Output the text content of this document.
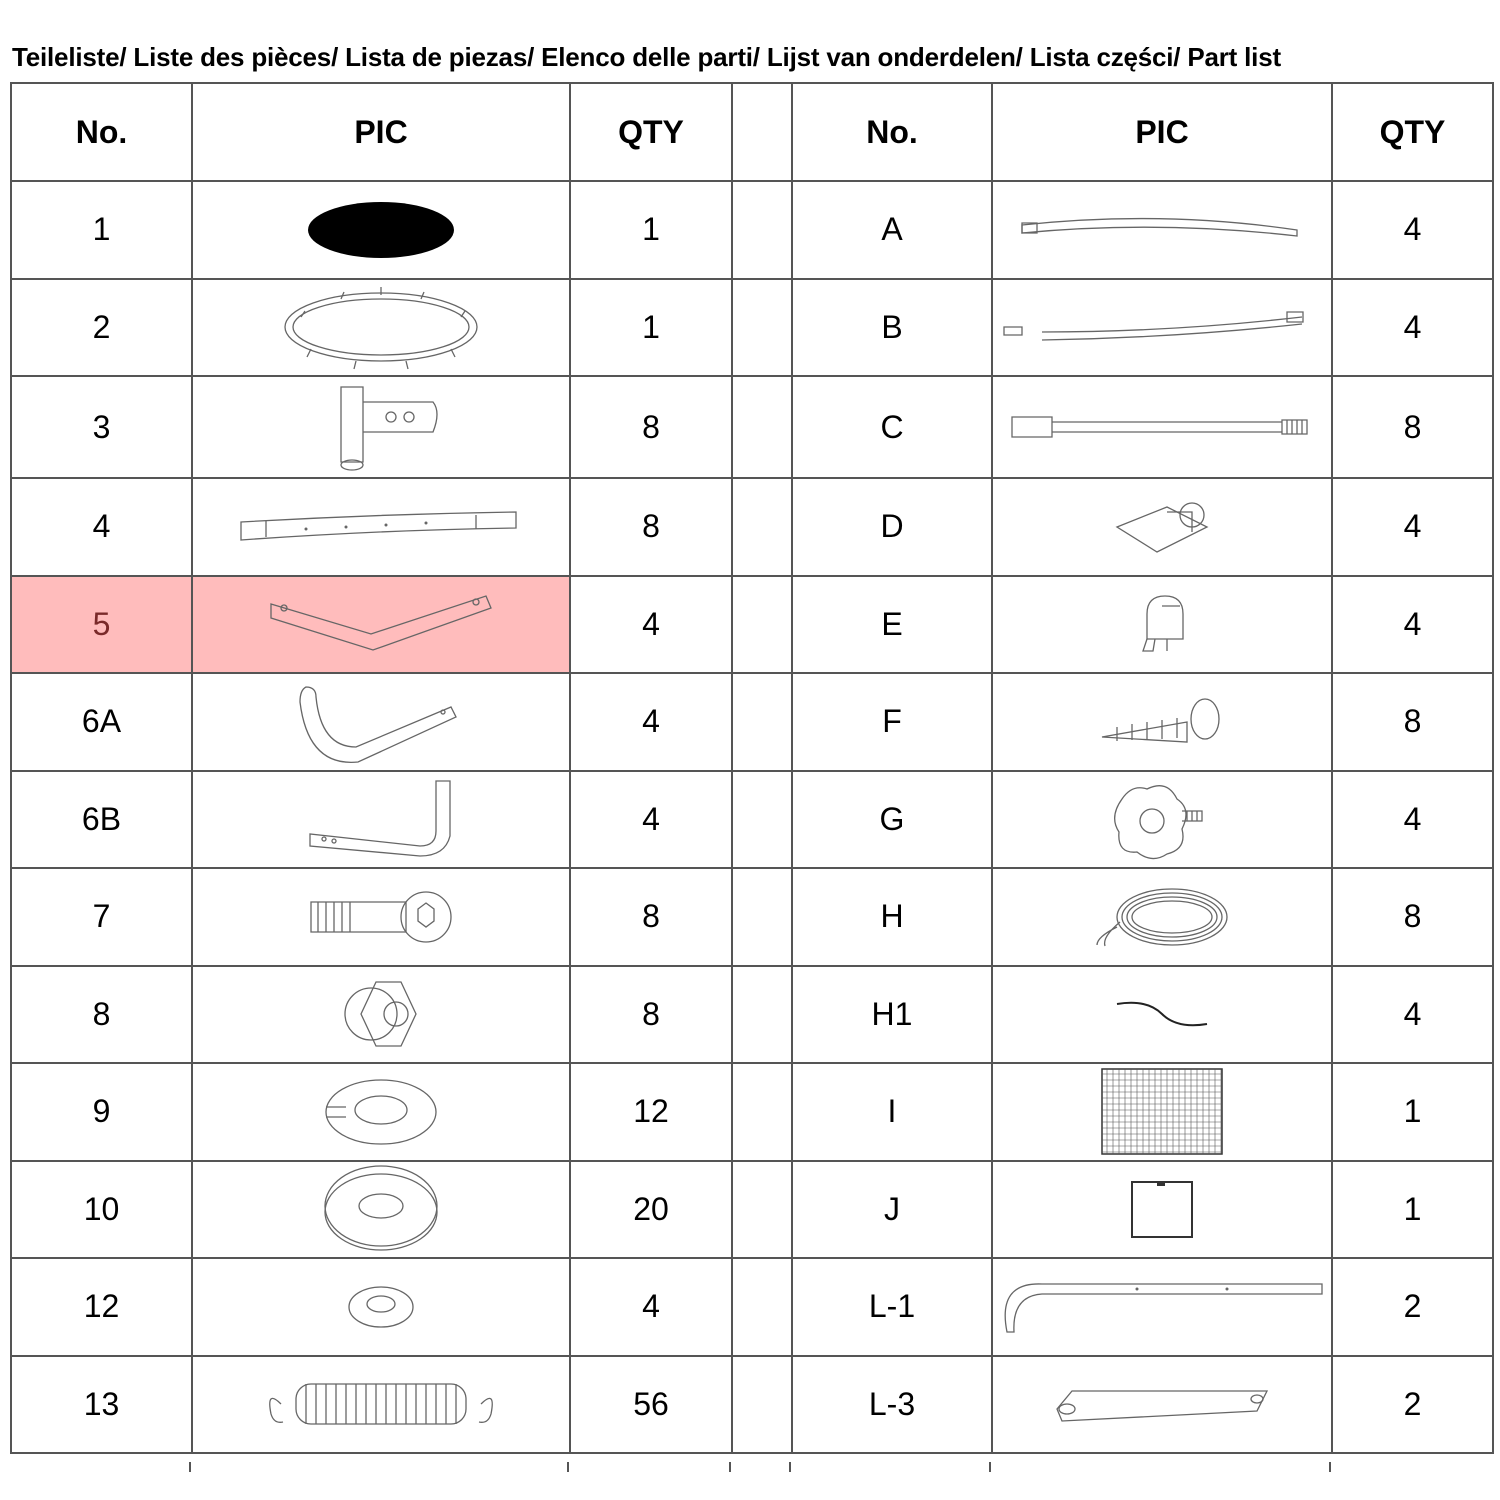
Teileliste/ Liste des pièces/ Lista de piezas/ Elenco delle parti/ Lijst van onderdelen/ Lista części/ Part list
No.	PIC	QTY		No.	PIC	QTY
1		1		A		4
2		1		B		4
3		8		C		8
4		8		D		4
5		4		E		4
6A		4		F		8
6B		4		G		4
7		8		H		8
8		8		H1		4
9		12		I		1
10		20		J		1
12		4		L-1		2
13		56		L-3		2
